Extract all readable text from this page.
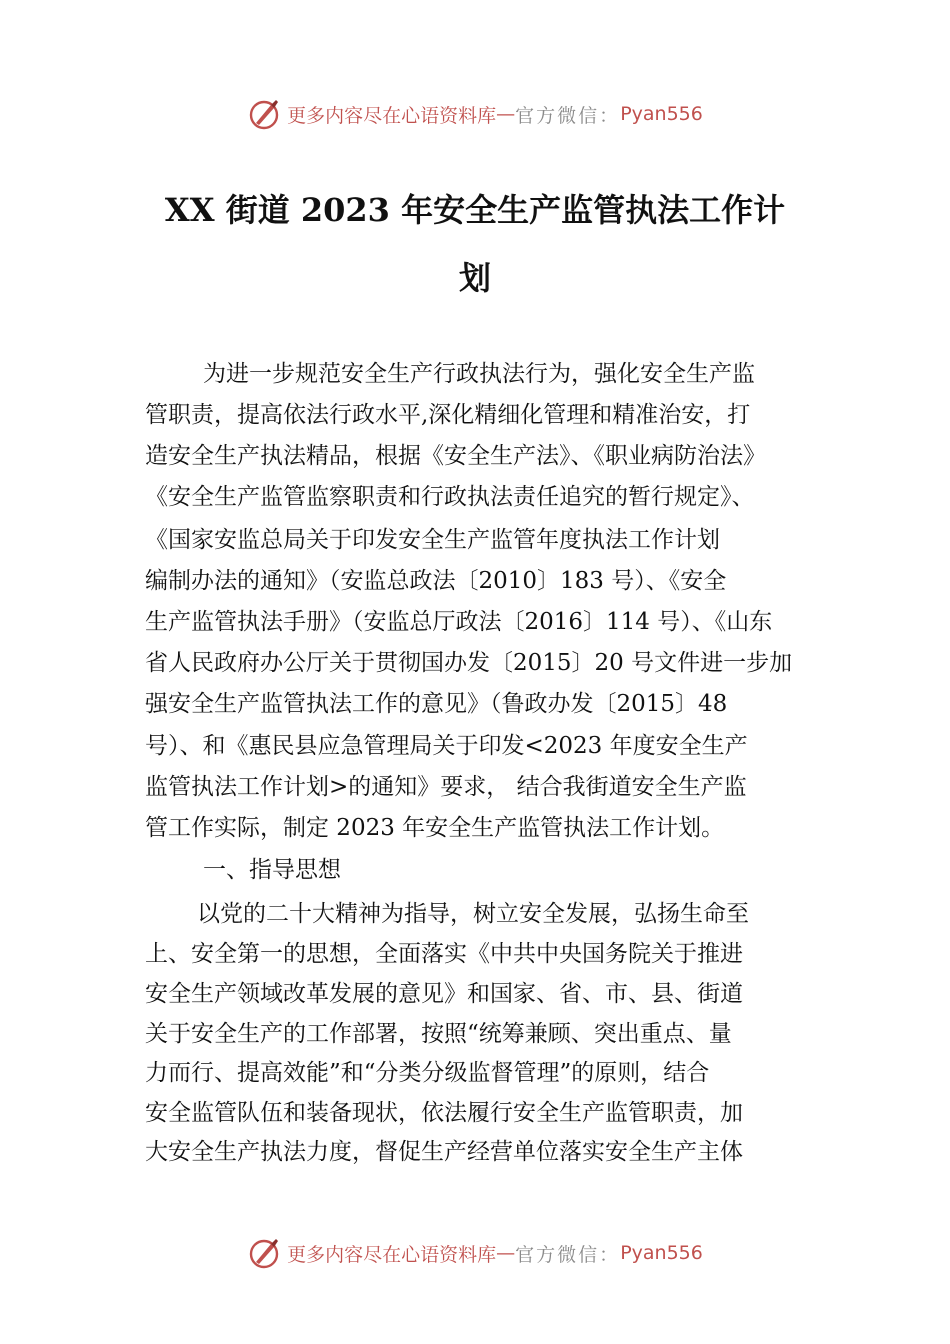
更多内容尽在心语资料库 — 官方微信： Pyan556
XX 街道 2023 年安全生产监管执法工作计
划
为进一步规范安全生产行政执法行为，强化安全生产监
管职责，提高依法行政水平,深化精细化管理和精准治安，打
造安全生产执法精品，根据《安全生产法》、《职业病防治法》
《安全生产监管监察职责和行政执法责任追究的暂行规定》、
《国家安监总局关于印发安全生产监管年度执法工作计划
编制办法的通知》（安监总政法〔2010〕183 号）、《安全
生产监管执法手册》（安监总厅政法〔2016〕114 号）、《山东
省人民政府办公厅关于贯彻国办发〔2015〕20 号文件进一步加
强安全生产监管执法工作的意见》（鲁政办发〔2015〕48
号）、和《惠民县应急管理局关于印发<2023 年度安全生产
监管执法工作计划>的通知》要求， 结合我街道安全生产监
管工作实际，制定 2023 年安全生产监管执法工作计划。
一、指导思想
以党的二十大精神为指导，树立安全发展，弘扬生命至
上、安全第一的思想，全面落实《中共中央国务院关于推进
安全生产领域改革发展的意见》和国家、省、市、县、街道
关于安全生产的工作部署，按照“统筹兼顾、突出重点、量
力而行、提高效能”和“分类分级监督管理”的原则，结合
安全监管队伍和装备现状，依法履行安全生产监管职责，加
大安全生产执法力度，督促生产经营单位落实安全生产主体
更多内容尽在心语资料库 — 官方微信： Pyan556
